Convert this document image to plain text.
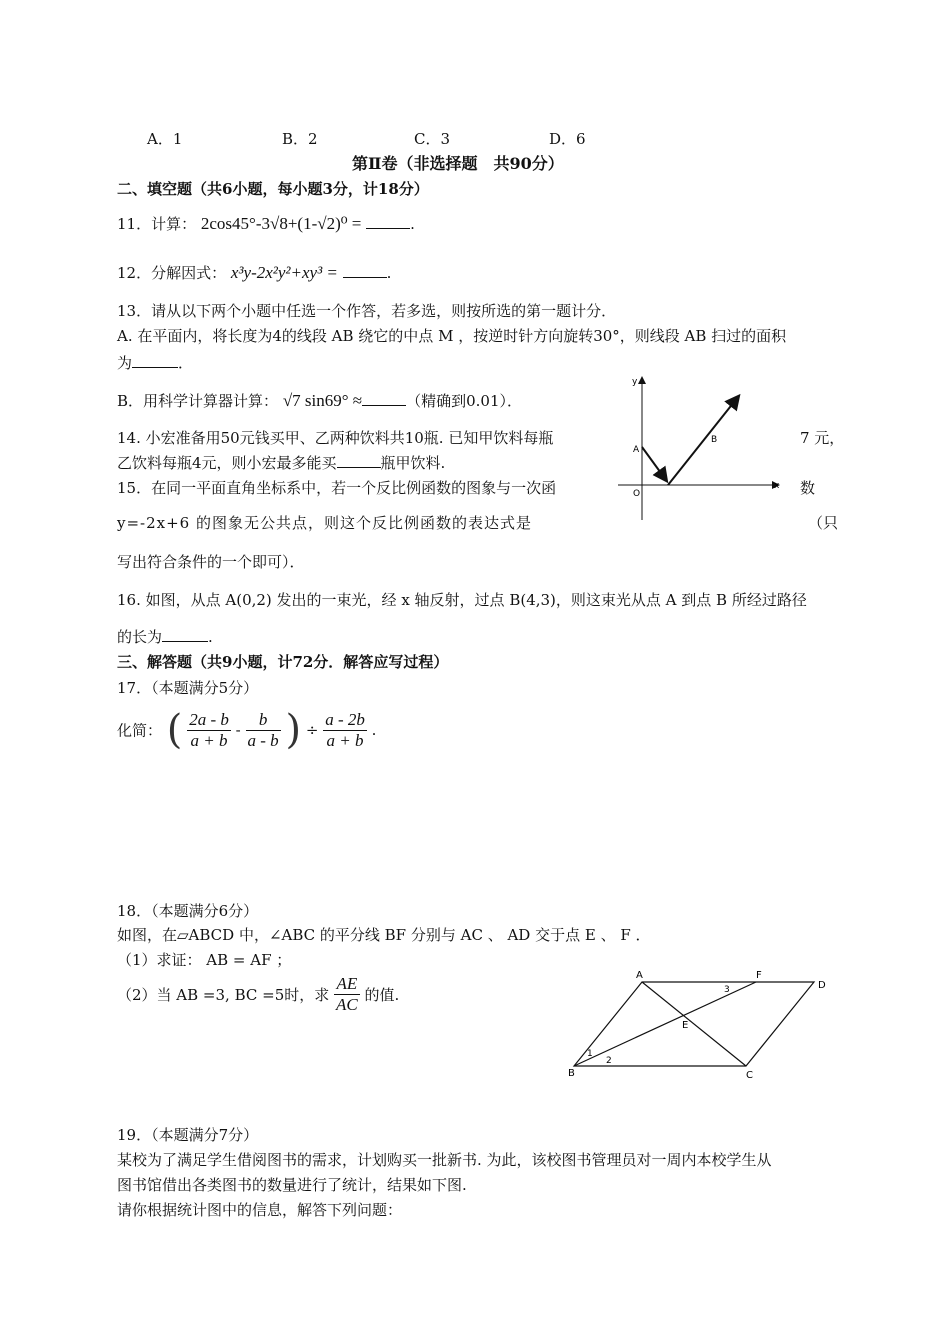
A．1	B．2	C．3	D．6
第Ⅱ卷（非选择题　共90分）
二、填空题（共6小题，每小题3分，计18分）
11．计算： 2cos45°-3√8+(1-√2)⁰ =	.
12．分解因式： x³y-2x²y²+xy³ =	.
13．请从以下两个小题中任选一个作答，若多选，则按所选的第一题计分．
A. 在平面内，将长度为4的线段 AB 绕它的中点 M ，按逆时针方向旋转30°，则线段 AB 扫过的面积
为	．
B．用科学计算器计算： √7 sin69° ≈	（精确到0.01）．
14. 小宏准备用50元钱买甲、乙两种饮料共10瓶. 已知甲饮料每瓶	7 元，
乙饮料每瓶4元，则小宏最多能买	瓶甲饮料.
15．在同一平面直角坐标系中，若一个反比例函数的图象与一次函	数
y=-2x+6 的图象无公共点，则这个反比例函数的表达式是	（只
写出符合条件的一个即可）．
x
y
O
A
B
16. 如图，从点 A(0,2) 发出的一束光，经 x 轴反射，过点 B(4,3)，则这束光从点 A 到点 B 所经过路径
的长为	.
三、解答题（共9小题，计72分．解答应写过程）
17．（本题满分5分）
化简： ( $\frac{2a - b}{a + b} - \frac{b}{a - b}$ ) ÷ $\frac{a - 2b}{a + b}$ .
18．（本题满分6分）
如图，在▱ABCD 中，∠ABC 的平分线 BF 分别与 AC 、 AD 交于点 E 、 F ．
（1）求证： AB = AF ；
（2）当 AB =3, BC =5时，求 $\frac{AE}{AC}$ 的值.
A
B	C
D
E
F
1
2
3
19．（本题满分7分）
某校为了满足学生借阅图书的需求，计划购买一批新书. 为此，该校图书管理员对一周内本校学生从
图书馆借出各类图书的数量进行了统计，结果如下图.
请你根据统计图中的信息，解答下列问题：
